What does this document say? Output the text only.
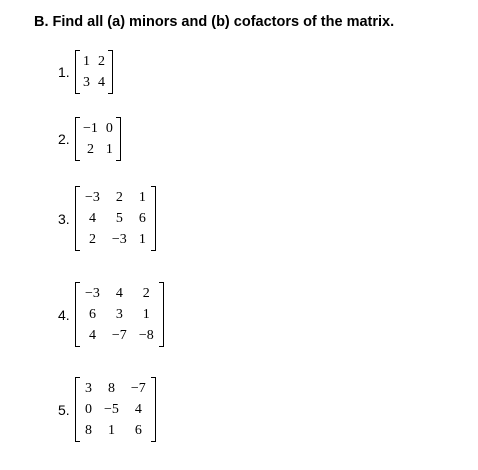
B. Find all (a) minors and (b) cofactors of the matrix.
1.
1	2
3	4
2.
−1	0
2	1
3.
−3	2	1
4	5	6
2	−3	1
4.
−3	4	2
6	3	1
4	−7	−8
5.
3	8	−7
0	−5	4
8	1	6
